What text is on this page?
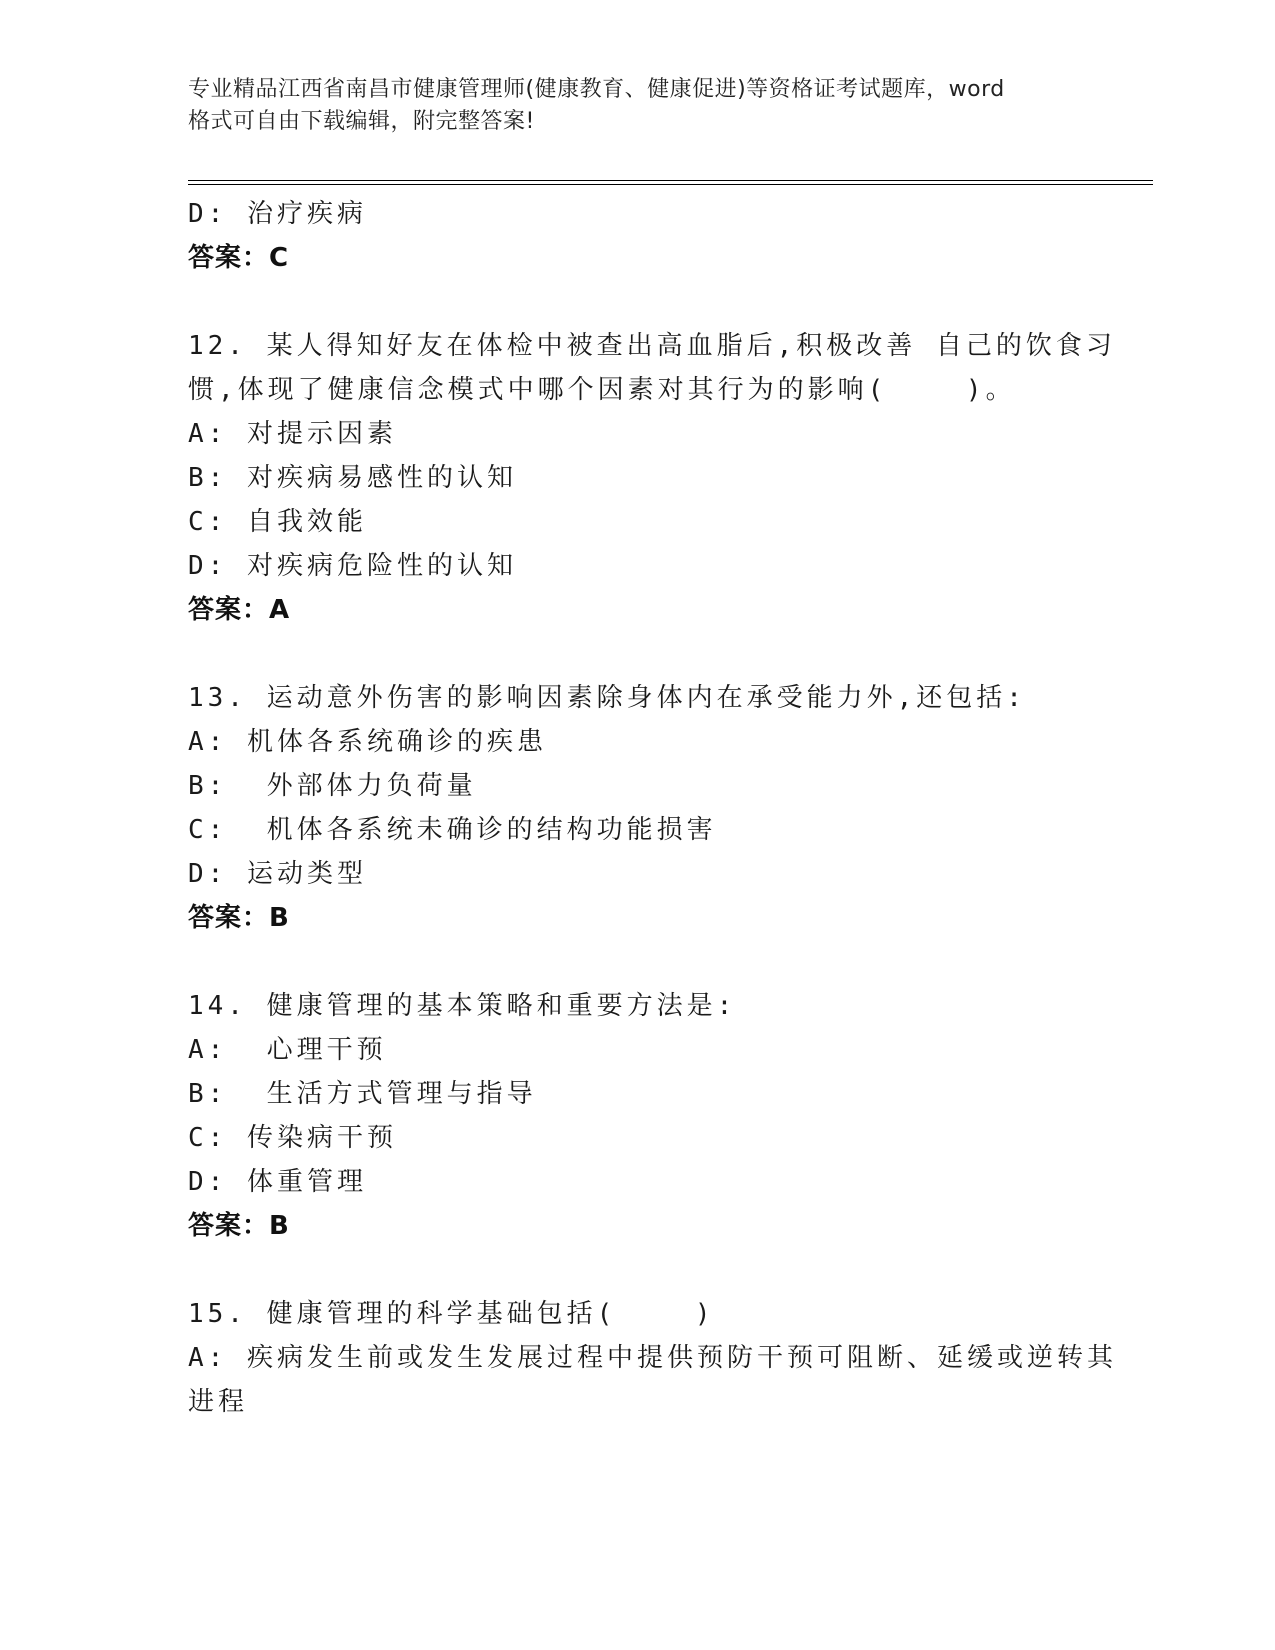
专业精品江西省南昌市健康管理师(健康教育、健康促进)等资格证考试题库，word
格式可自由下载编辑，附完整答案!
D: 治疗疾病
答案：C
12. 某人得知好友在体检中被查出高血脂后,积极改善 自己的饮食习
惯,体现了健康信念模式中哪个因素对其行为的影响(    )。
A: 对提示因素
B: 对疾病易感性的认知
C: 自我效能
D: 对疾病危险性的认知
答案：A
13. 运动意外伤害的影响因素除身体内在承受能力外,还包括:
A: 机体各系统确诊的疾患
B:  外部体力负荷量
C:  机体各系统未确诊的结构功能损害
D: 运动类型
答案：B
14. 健康管理的基本策略和重要方法是:
A:  心理干预
B:  生活方式管理与指导
C: 传染病干预
D: 体重管理
答案：B
15. 健康管理的科学基础包括(    )
A: 疾病发生前或发生发展过程中提供预防干预可阻断、延缓或逆转其
进程
